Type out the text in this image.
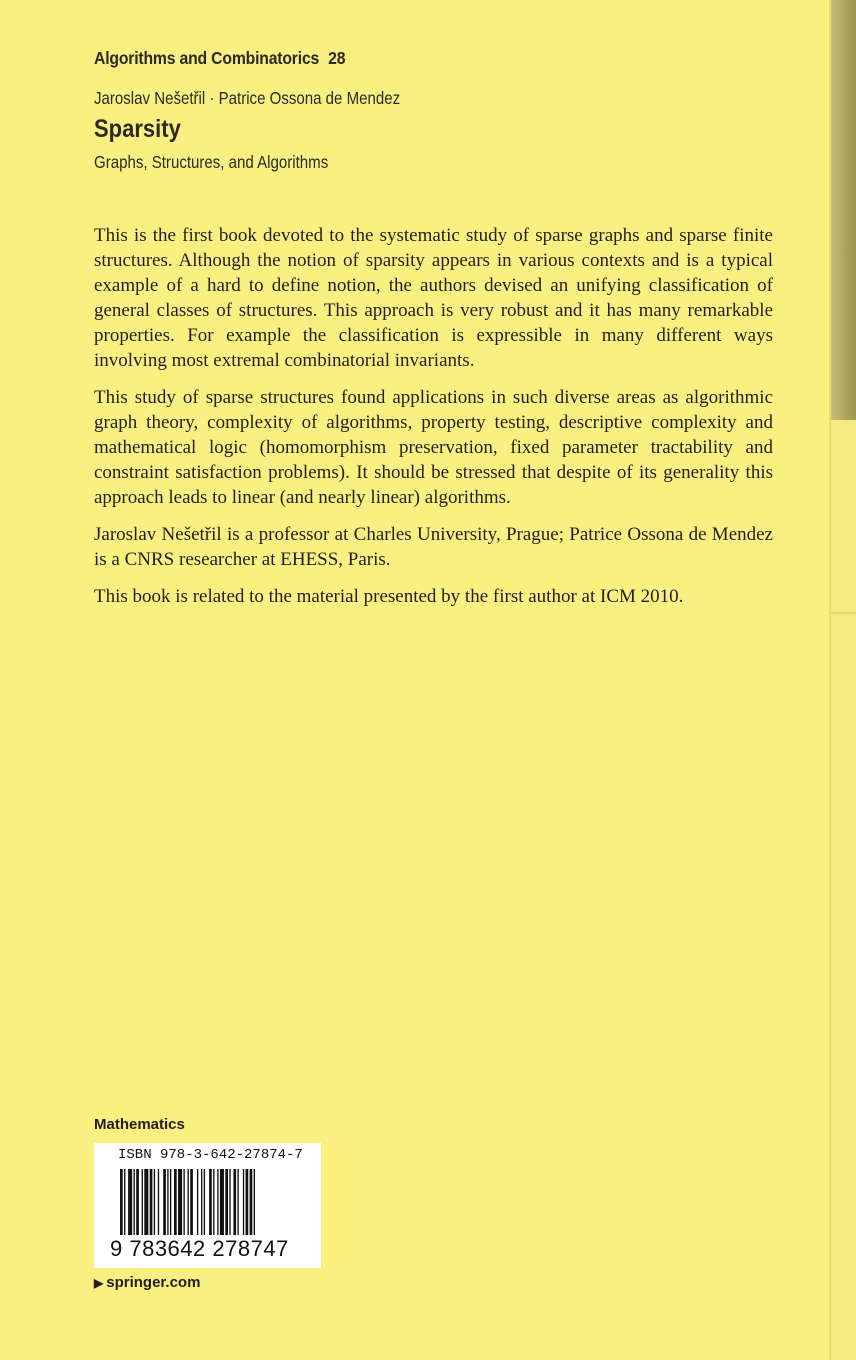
Algorithms and Combinatorics 28
Jaroslav Nešetřil · Patrice Ossona de Mendez
Sparsity
Graphs, Structures, and Algorithms

This is the first book devoted to the systematic study of sparse graphs and sparse finite structures. Although the notion of sparsity appears in various contexts and is a typical example of a hard to define notion, the authors devised an unifying classification of general classes of structures. This approach is very robust and it has many remarkable properties. For example the classification is expressible in many different ways involving most extremal combinatorial invariants.

This study of sparse structures found applications in such diverse areas as algorithmic graph theory, complexity of algorithms, property testing, descriptive complexity and mathematical logic (homomorphism preservation, fixed parameter tractability and constraint satisfaction problems). It should be stressed that despite of its generality this approach leads to linear (and nearly linear) algorithms.

Jaroslav Nešetřil is a professor at Charles University, Prague; Patrice Ossona de Mendez is a CNRS researcher at EHESS, Paris.

This book is related to the material presented by the first author at ICM 2010.

Mathematics
ISBN 978-3-642-27874-7
9 783642 278747
▶ springer.com
